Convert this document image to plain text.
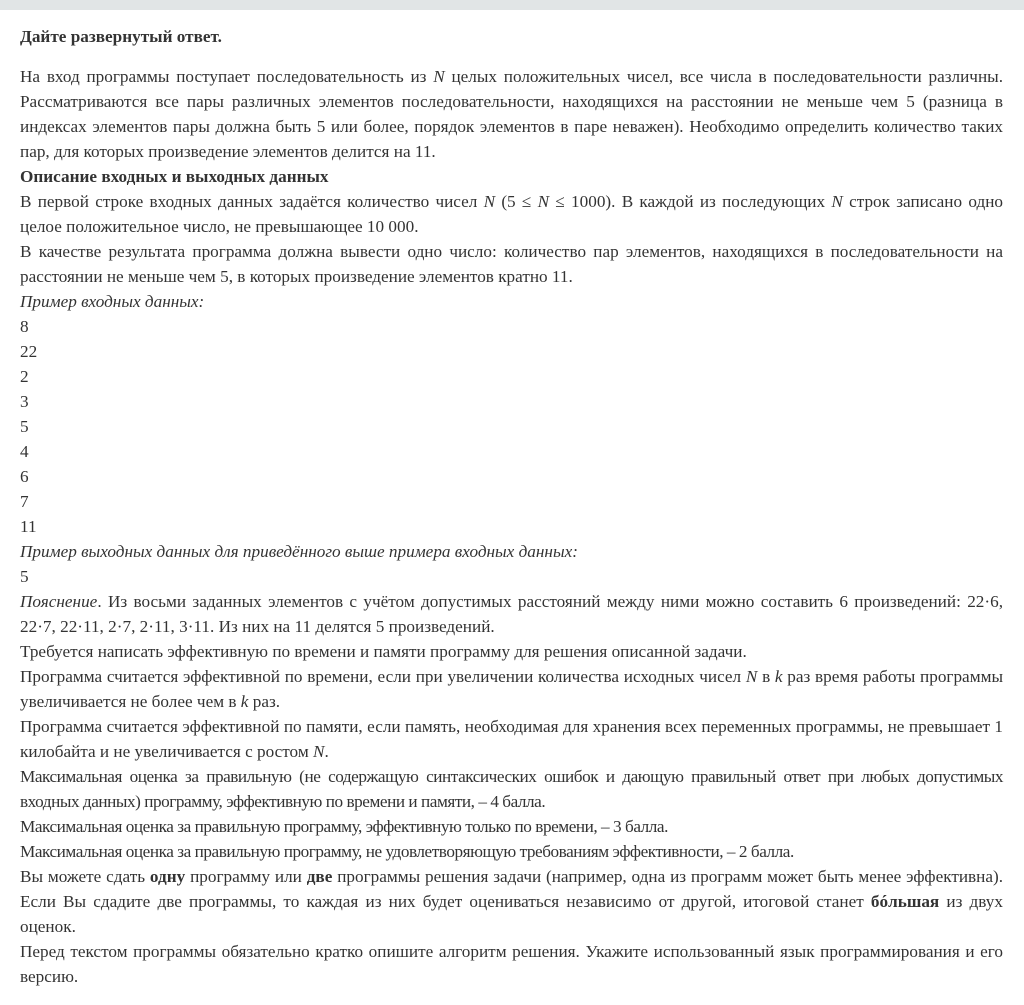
Дайте развернутый ответ.

На вход программы поступает последовательность из N целых положительных чисел, все числа в последовательности различны. Рассматриваются все пары различных элементов последовательности, находящихся на расстоянии не меньше чем 5 (разница в индексах элементов пары должна быть 5 или более, порядок элементов в паре неважен). Необходимо определить количество таких пар, для которых произведение элементов делится на 11.

Описание входных и выходных данных

В первой строке входных данных задаётся количество чисел N (5 ≤ N ≤ 1000). В каждой из последующих N строк записано одно целое положительное число, не превышающее 10 000.

В качестве результата программа должна вывести одно число: количество пар элементов, находящихся в последовательности на расстоянии не меньше чем 5, в которых произведение элементов кратно 11.

Пример входных данных:

8

22

2

3

5

4

6

7

11

Пример выходных данных для приведённого выше примера входных данных:

5

Пояснение. Из восьми заданных элементов с учётом допустимых расстояний между ними можно составить 6 произведений: 22·6, 22·7, 22·11, 2·7, 2·11, 3·11. Из них на 11 делятся 5 произведений.

Требуется написать эффективную по времени и памяти программу для решения описанной задачи.

Программа считается эффективной по времени, если при увеличении количества исходных чисел N в k раз время работы программы увеличивается не более чем в k раз.

Программа считается эффективной по памяти, если память, необходимая для хранения всех переменных программы, не превышает 1 килобайта и не увеличивается с ростом N.

Максимальная оценка за правильную (не содержащую синтаксических ошибок и дающую правильный ответ при любых допустимых входных данных) программу, эффективную по времени и памяти, – 4 балла.

Максимальная оценка за правильную программу, эффективную только по времени, – 3 балла.

Максимальная оценка за правильную программу, не удовлетворяющую требованиям эффективности, – 2 балла.

Вы можете сдать одну программу или две программы решения задачи (например, одна из программ может быть менее эффективна). Если Вы сдадите две программы, то каждая из них будет оцениваться независимо от другой, итоговой станет бóльшая из двух оценок.

Перед текстом программы обязательно кратко опишите алгоритм решения. Укажите использованный язык программирования и его версию.
